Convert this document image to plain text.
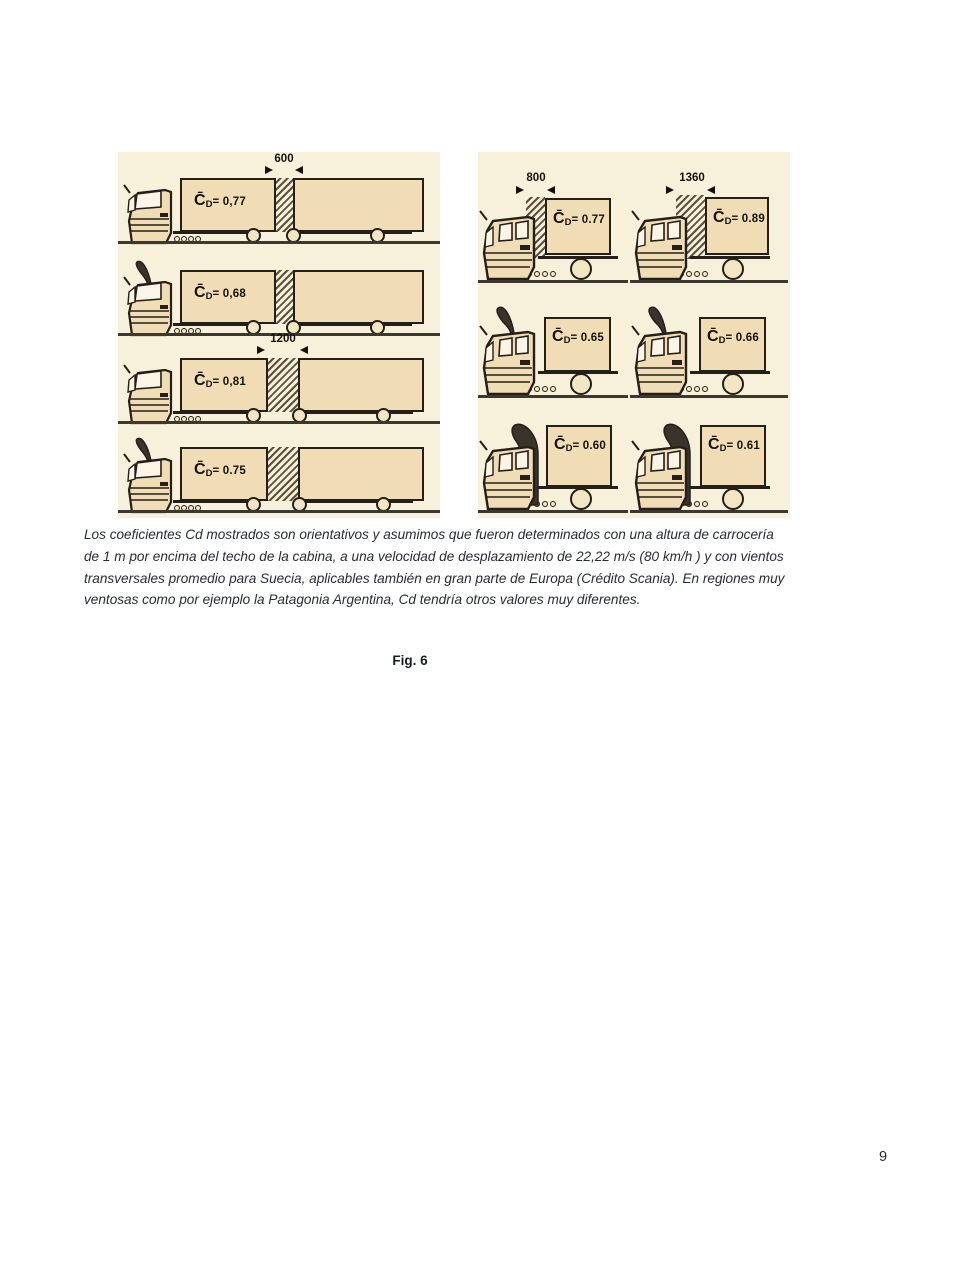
600
C̄D= 0,77
C̄D= 0,68
1200
C̄D= 0,81
C̄D= 0.75
800
C̄D= 0.77
1360
C̄D= 0.89
C̄D= 0.65	C̄D= 0.66
C̄D= 0.60	C̄D= 0.61
Los coeficientes Cd mostrados son orientativos y asumimos que fueron determinados con una altura de carrocería
de 1 m por encima del techo de la cabina, a una velocidad de desplazamiento de 22,22 m/s (80 km/h ) y con vientos
transversales promedio para Suecia, aplicables también en gran parte de Europa (Crédito Scania). En regiones muy
ventosas como por ejemplo la Patagonia Argentina, Cd tendría otros valores muy diferentes.
Fig. 6
9
